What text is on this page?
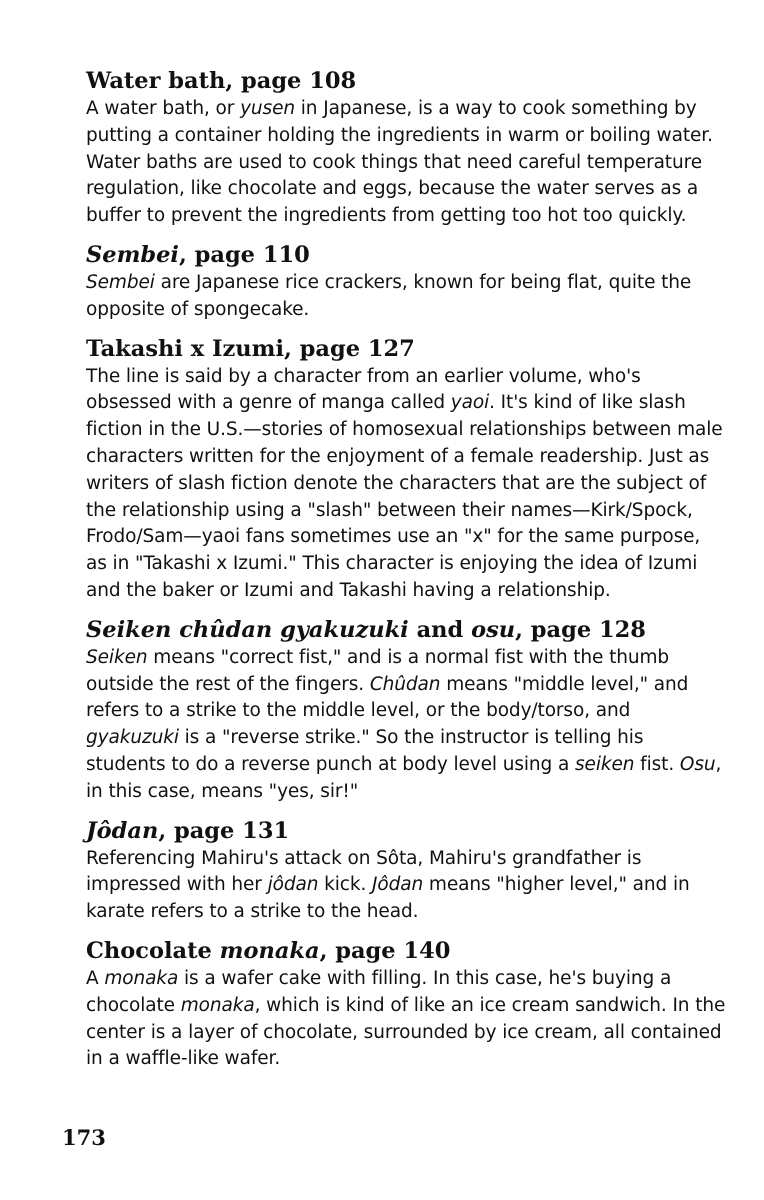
Water bath, page 108

A water bath, or yusen in Japanese, is a way to cook something by putting a container holding the ingredients in warm or boiling water. Water baths are used to cook things that need careful temperature regulation, like chocolate and eggs, because the water serves as a buffer to prevent the ingredients from getting too hot too quickly.

Sembei, page 110

Sembei are Japanese rice crackers, known for being flat, quite the opposite of spongecake.

Takashi x Izumi, page 127

The line is said by a character from an earlier volume, who's obsessed with a genre of manga called yaoi. It's kind of like slash fiction in the U.S.—stories of homosexual relationships between male characters written for the enjoyment of a female readership. Just as writers of slash fiction denote the characters that are the subject of the relationship using a "slash" between their names—Kirk/Spock, Frodo/Sam—yaoi fans sometimes use an "x" for the same purpose, as in "Takashi x Izumi." This character is enjoying the idea of Izumi and the baker or Izumi and Takashi having a relationship.

Seiken chûdan gyakuzuki and osu, page 128

Seiken means "correct fist," and is a normal fist with the thumb outside the rest of the fingers. Chûdan means "middle level," and refers to a strike to the middle level, or the body/torso, and gyakuzuki is a "reverse strike." So the instructor is telling his students to do a reverse punch at body level using a seiken fist. Osu, in this case, means "yes, sir!"

Jôdan, page 131

Referencing Mahiru's attack on Sôta, Mahiru's grandfather is impressed with her jôdan kick. Jôdan means "higher level," and in karate refers to a strike to the head.

Chocolate monaka, page 140

A monaka is a wafer cake with filling. In this case, he's buying a chocolate monaka, which is kind of like an ice cream sandwich. In the center is a layer of chocolate, surrounded by ice cream, all contained in a waffle-like wafer.

173
